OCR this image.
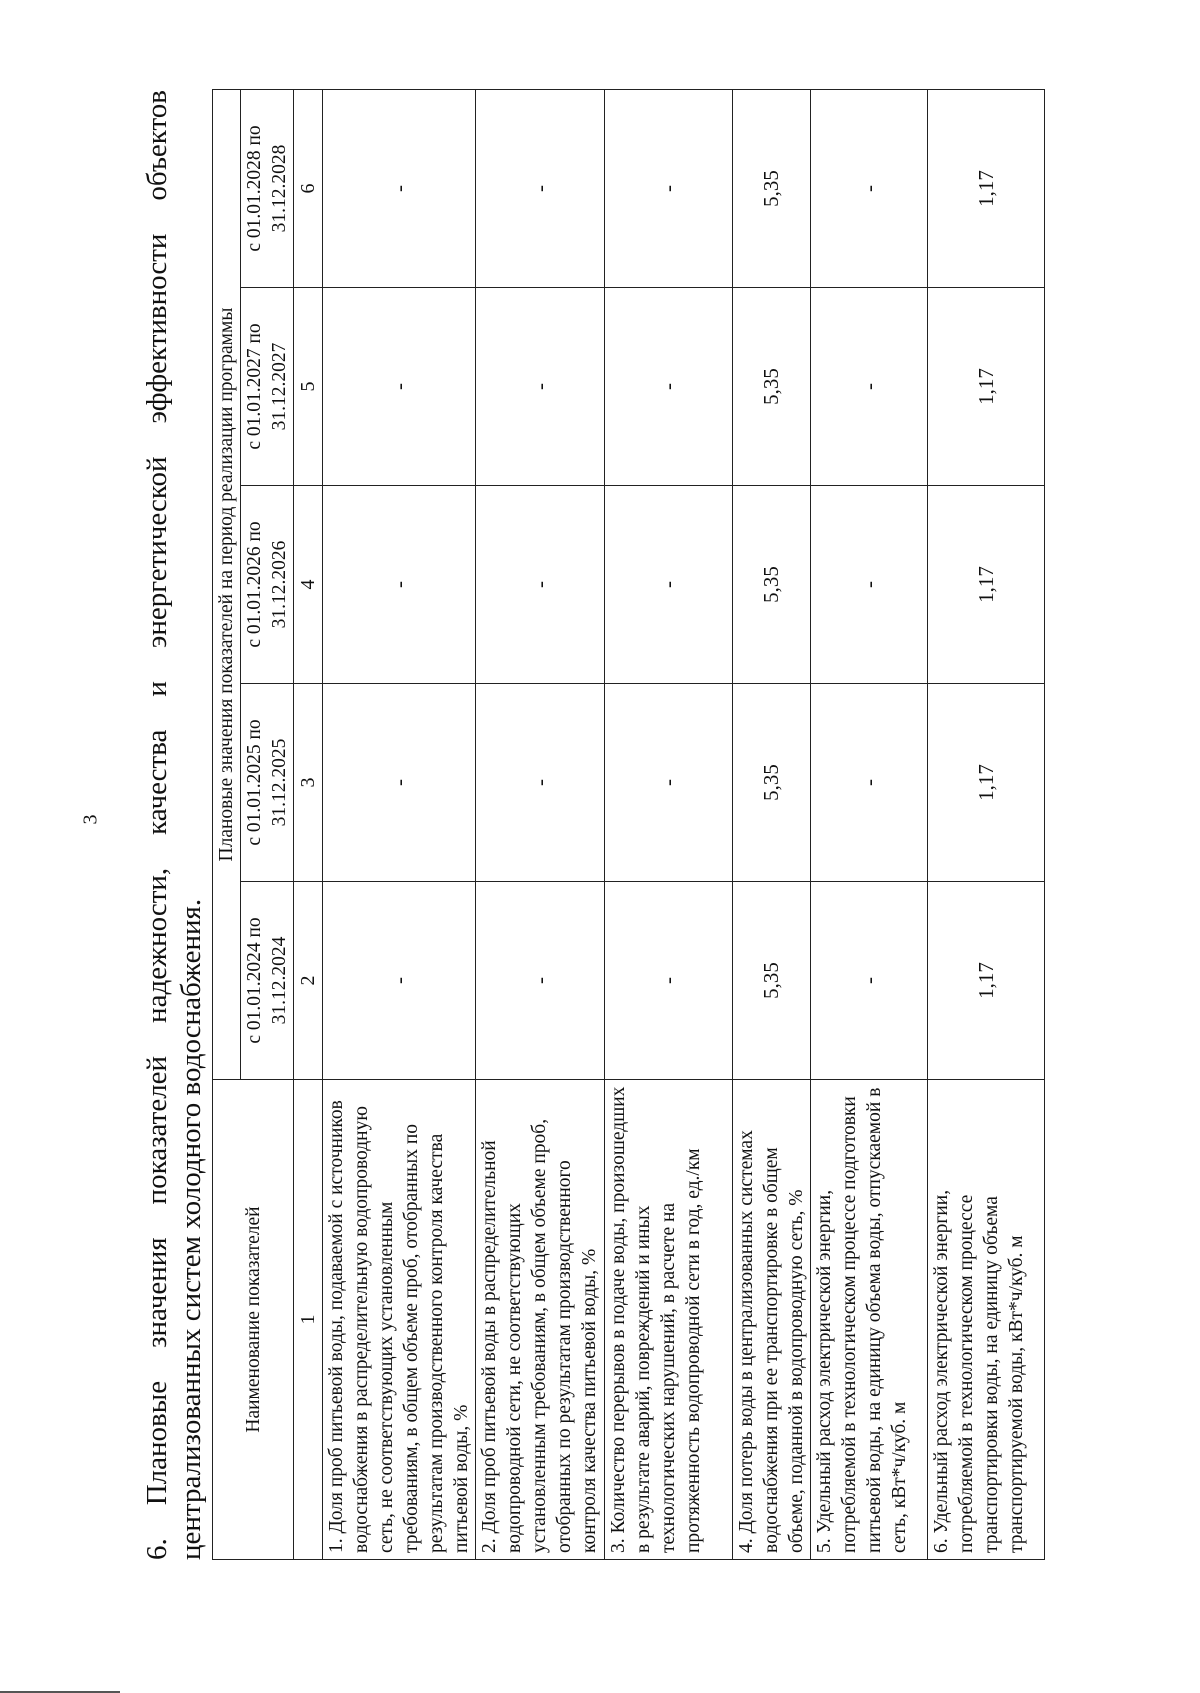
3
6.
Плановые
значения
показателей
надежности,
качества
и
энергетической
эффективности
объектов
централизованных систем холодного водоснабжения. Наименование показателей	Плановые значения показателей на период реализации программы				
	с 01.01.2024 по 31.12.2024	с 01.01.2025 по 31.12.2025	с 01.01.2026 по 31.12.2026	с 01.01.2027 по 31.12.2027	с 01.01.2028 по 31.12.2028
1	2	3	4	5	6
1. Доля проб питьевой воды, подаваемой с источников водоснабжения в распределительную водопроводную сеть, не соответствующих установленным требованиям, в общем объеме проб, отобранных по результатам производственного контроля качества питьевой воды, %	-	-	-	-	-
2. Доля проб питьевой воды в распределительной водопроводной сети, не соответствующих установленным требованиям, в общем объеме проб, отобранных по результатам производственного контроля качества питьевой воды, %	-	-	-	-	-
3. Количество перерывов в подаче воды, произошедших в результате аварий, повреждений и иных технологических нарушений, в расчете на протяженность водопроводной сети в год, ед./км	-	-	-	-	-
4. Доля потерь воды в централизованных системах водоснабжения при ее транспортировке в общем объеме, поданной в водопроводную сеть, %	5,35	5,35	5,35	5,35	5,35
5. Удельный расход электрической энергии, потребляемой в технологическом процессе подготовки питьевой воды, на единицу объема воды, отпускаемой в сеть, кВт*ч/куб. м	-	-	-	-	-
6. Удельный расход электрической энергии, потребляемой в технологическом процессе транспортировки воды, на единицу объема транспортируемой воды, кВт*ч/куб. м	1,17	1,17	1,17	1,17	1,17
